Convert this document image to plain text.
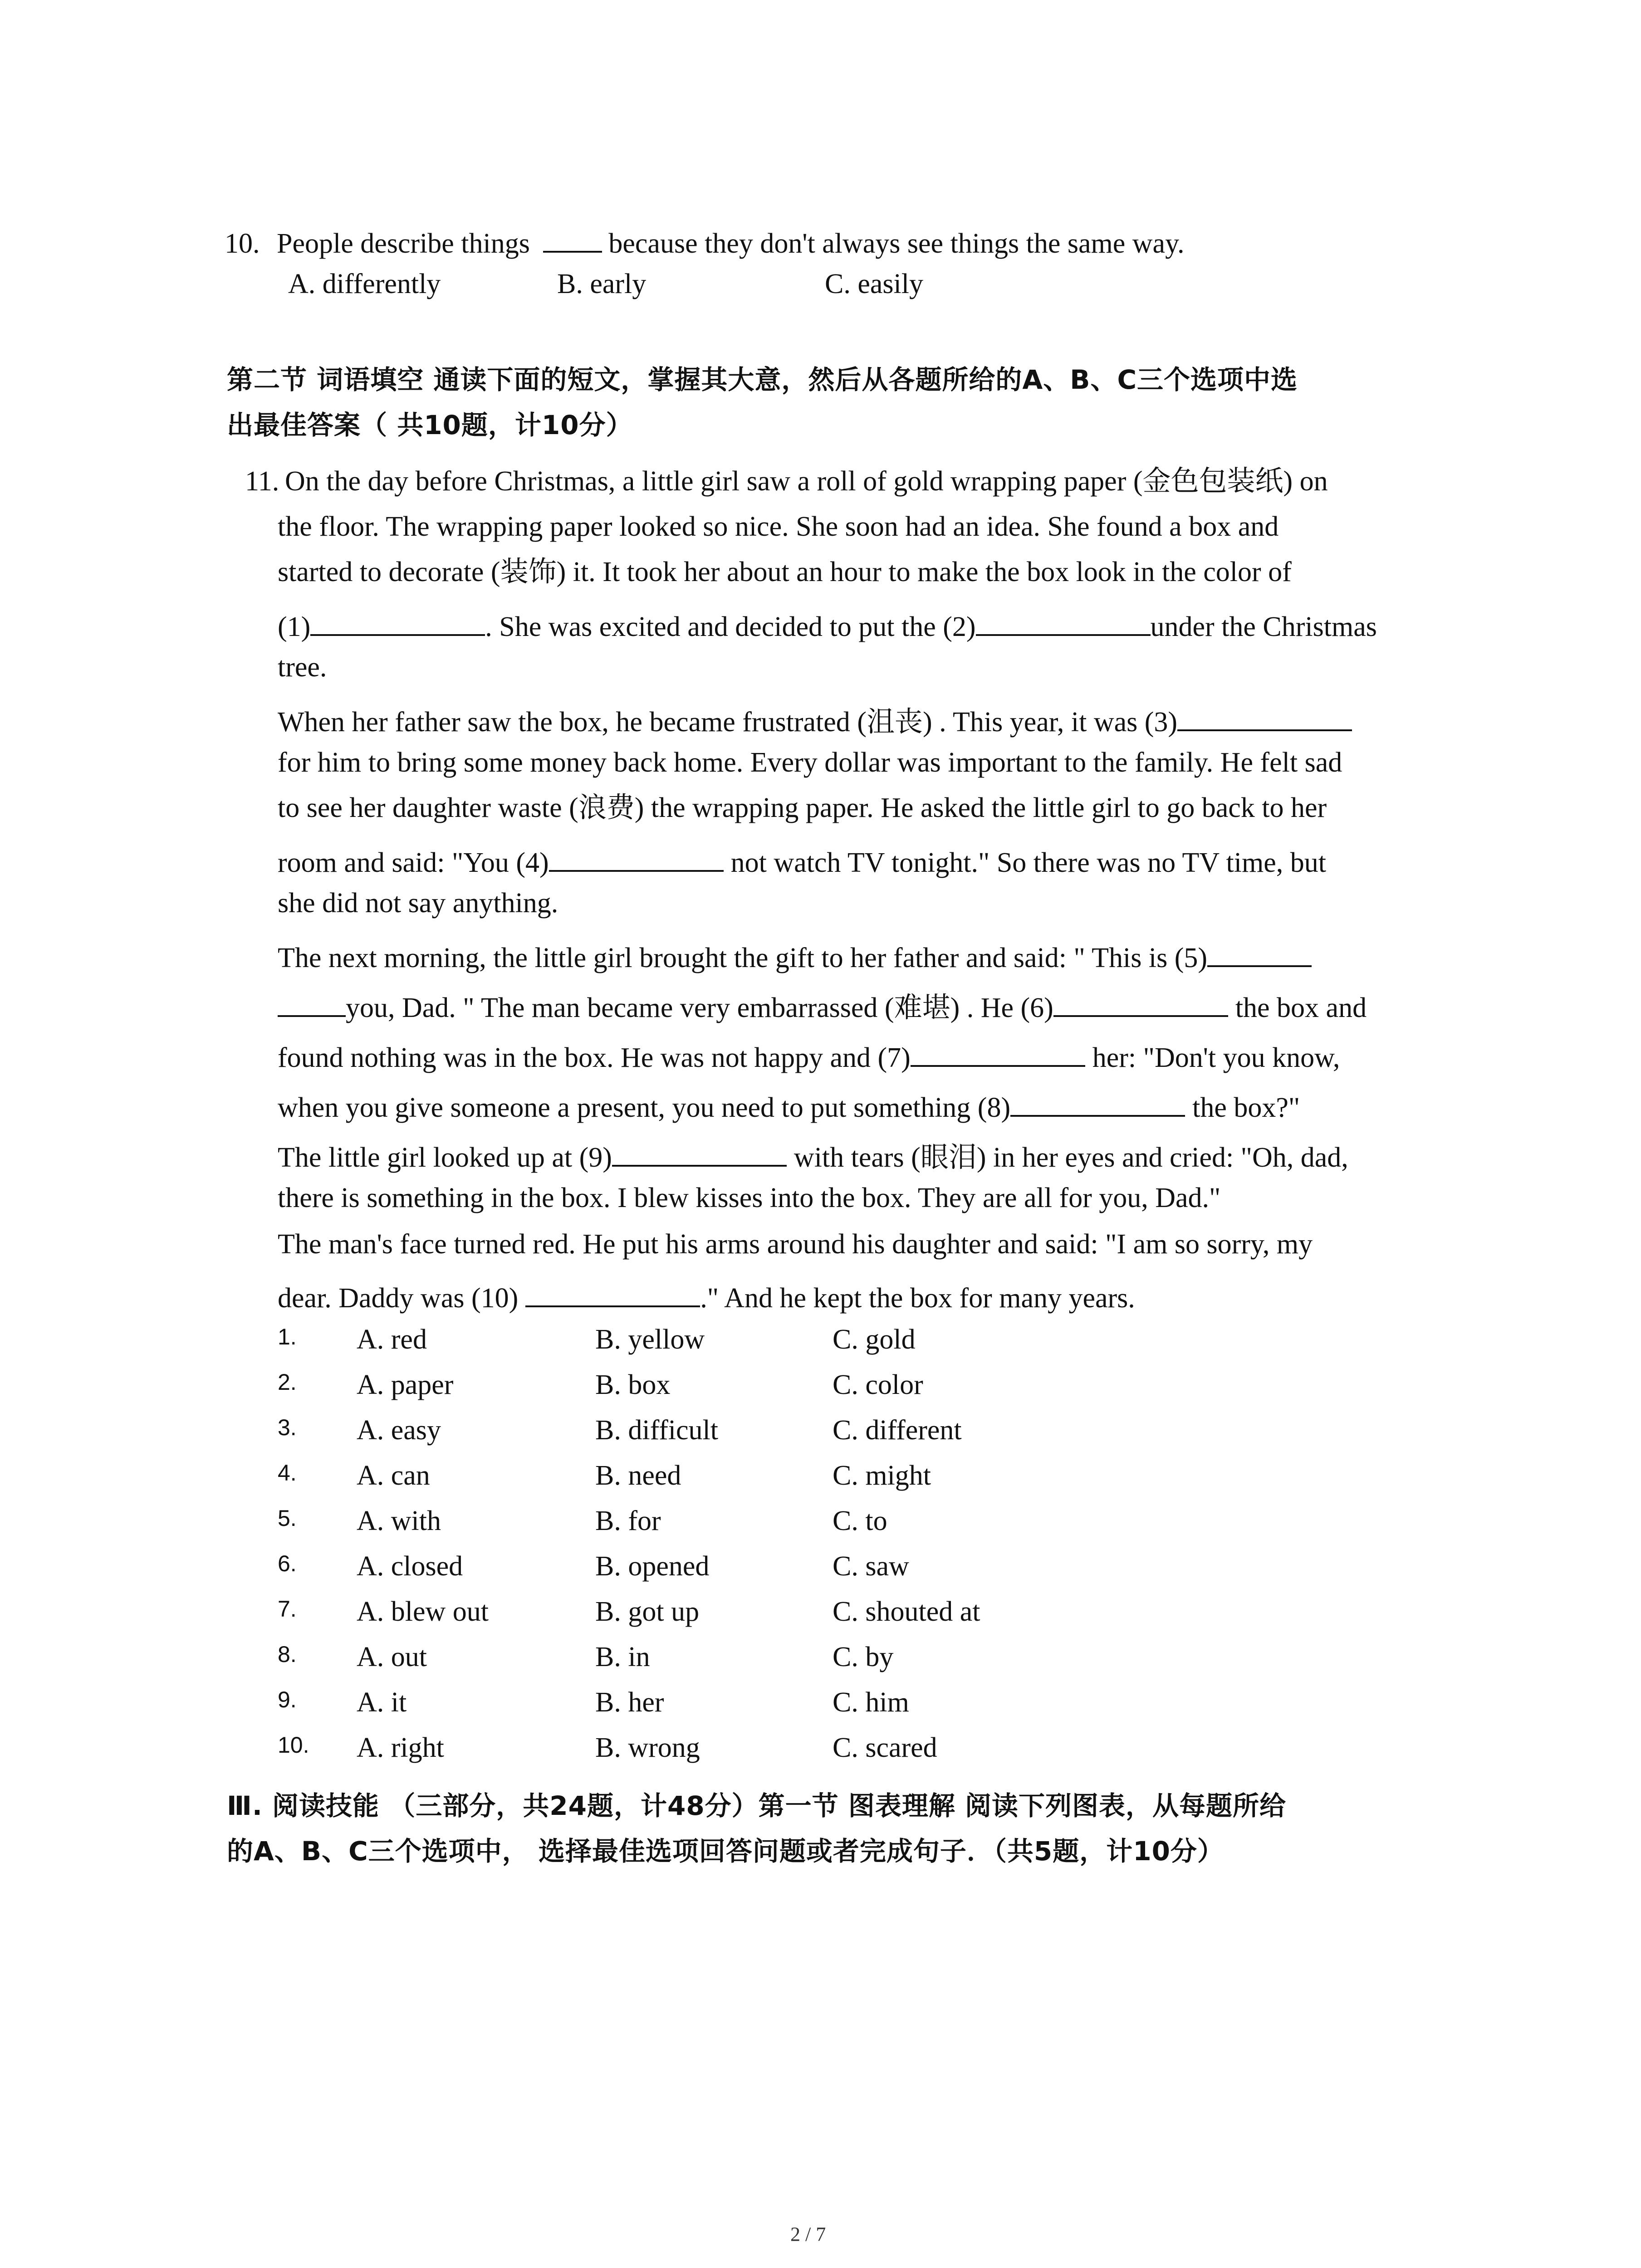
10. People describe things	because they don't always see things the same way.
A. differently	B. early	C. easily
第二节 词语填空 通读下面的短文，掌握其大意，然后从各题所给的A、B、C三个选项中选
出最佳答案（ 共10题，计10分）
11. On the day before Christmas, a little girl saw a roll of gold wrapping paper (金色包装纸) on
the floor. The wrapping paper looked so nice. She soon had an idea. She found a box and
started to decorate (装饰) it. It took her about an hour to make the box look in the color of
(1)	. She was excited and decided to put the (2)	under the Christmas
tree.
When her father saw the box, he became frustrated (沮丧) . This year, it was (3)
for him to bring some money back home. Every dollar was important to the family. He felt sad
to see her daughter waste (浪费) the wrapping paper. He asked the little girl to go back to her
room and said: "You (4)	not watch TV tonight." So there was no TV time, but
she did not say anything.
The next morning, the little girl brought the gift to her father and said: " This is (5)
you, Dad. " The man became very embarrassed (难堪) . He (6)	the box and
found nothing was in the box. He was not happy and (7)	her: "Don't you know,
when you give someone a present, you need to put something (8)	the box?"
The little girl looked up at (9)	with tears (眼泪) in her eyes and cried: "Oh, dad,
there is something in the box. I blew kisses into the box. They are all for you, Dad."
The man's face turned red. He put his arms around his daughter and said: "I am so sorry, my
dear. Daddy was (10)	." And he kept the box for many years.
1. A. red	B. yellow	C. gold
2. A. paper	B. box	C. color
3. A. easy	B. difficult	C. different
4. A. can	B. need	C. might
5. A. with	B. for	C. to
6. A. closed	B. opened	C. saw
7. A. blew out	B. got up	C. shouted at
8. A. out	B. in	C. by
9. A. it	B. her	C. him
10. A. right	B. wrong	C. scared
Ⅲ. 阅读技能 （三部分，共24题，计48分）第一节 图表理解 阅读下列图表，从每题所给
的A、B、C三个选项中， 选择最佳选项回答问题或者完成句子．（共5题，计10分）
2 / 7
